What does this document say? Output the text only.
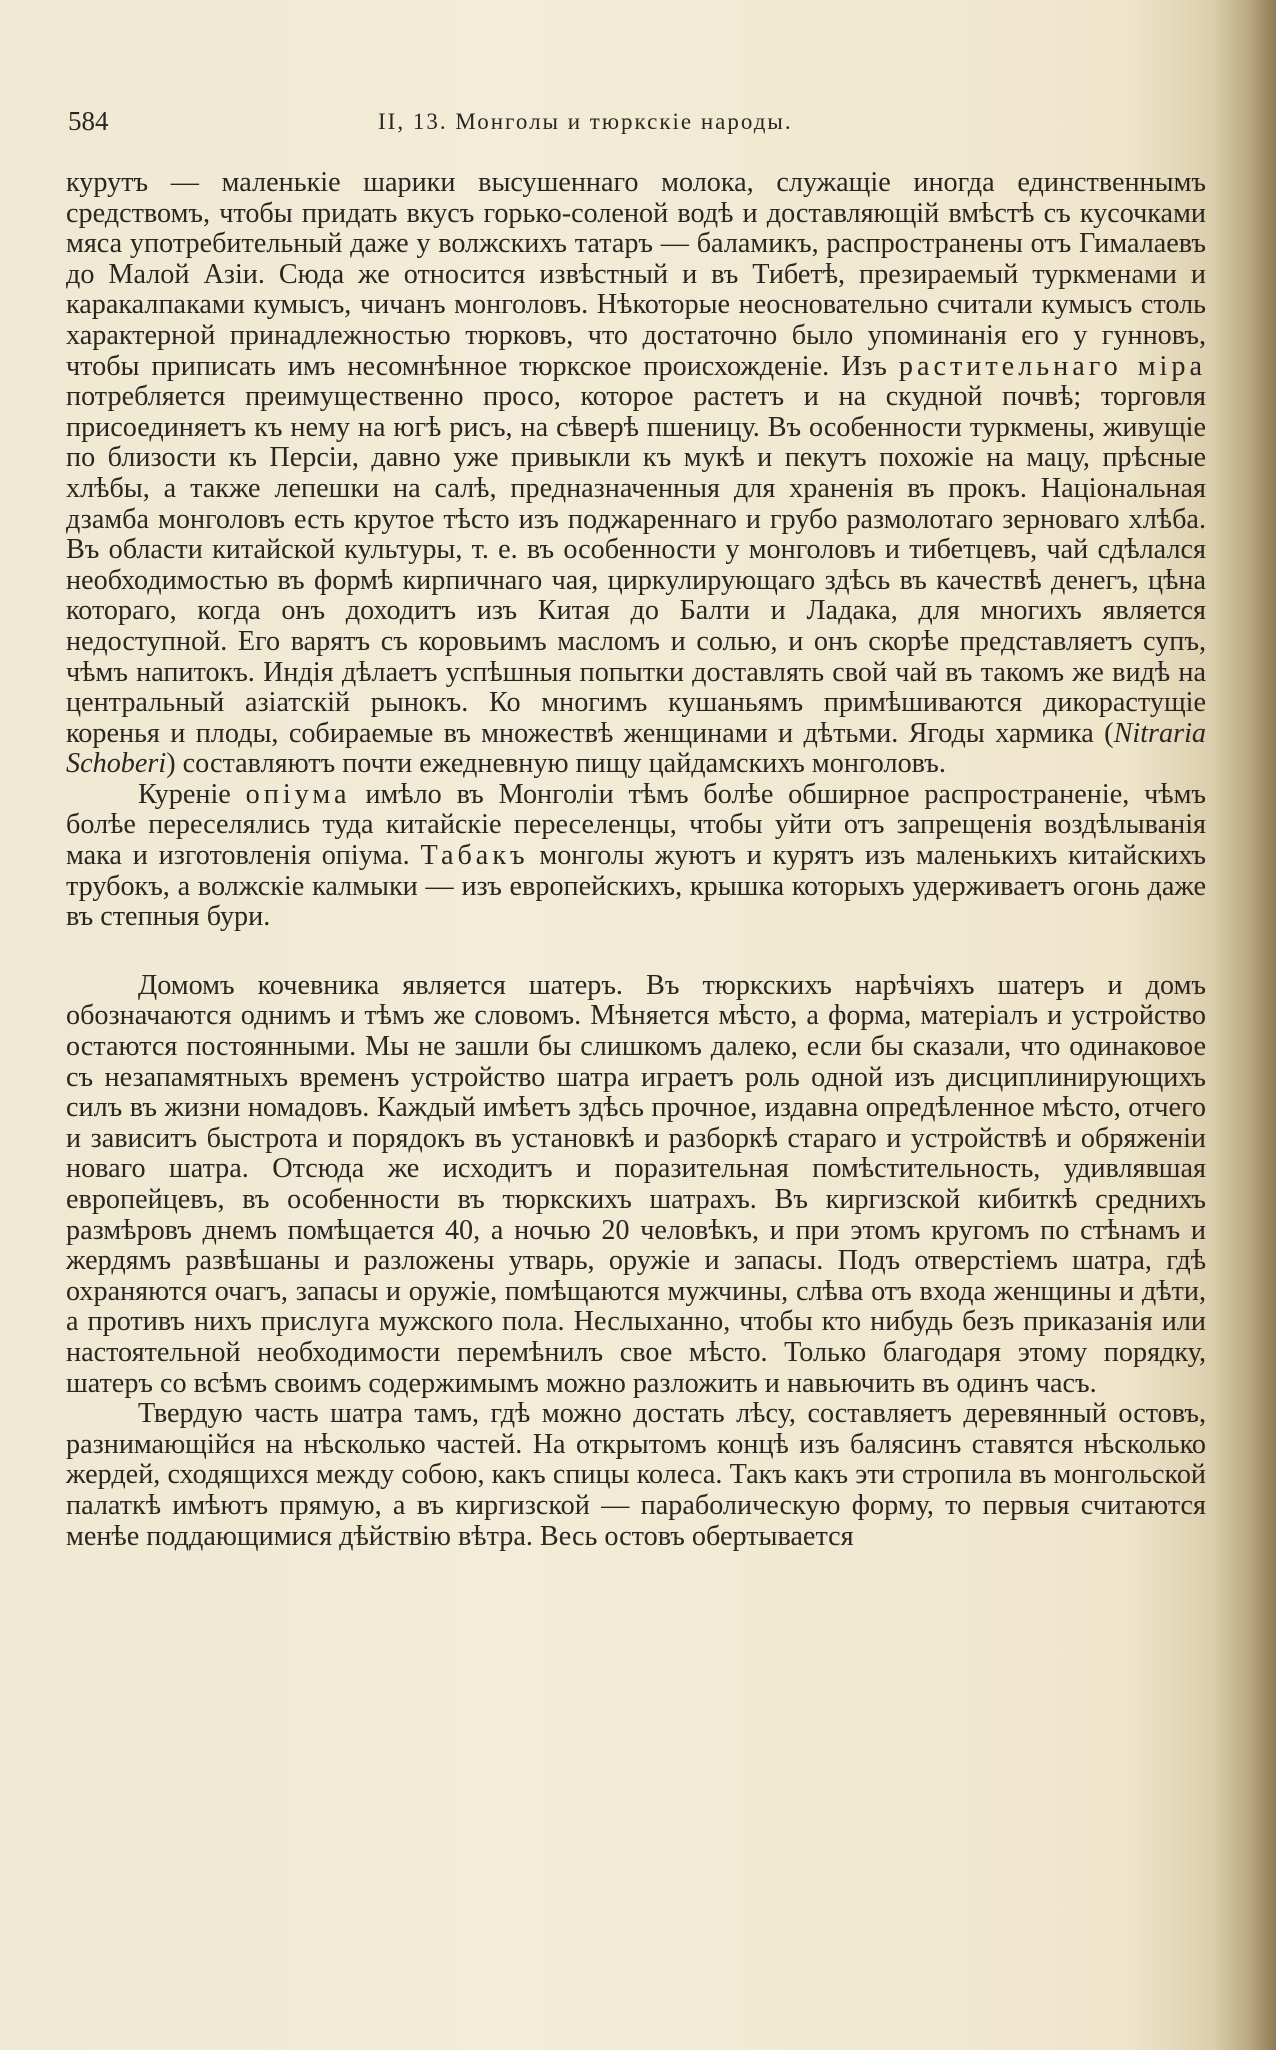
584	II, 13. Монголы и тюркскіе народы.

курутъ — маленькіе шарики высушеннаго молока, служащіе иногда единственнымъ средствомъ, чтобы придать вкусъ горько-соленой водѣ и доставляющій вмѣстѣ съ кусочками мяса употребительный даже у волжскихъ татаръ — баламикъ, распространены отъ Гималаевъ до Малой Азіи. Сюда же относится извѣстный и въ Тибетѣ, презираемый туркменами и каракалпаками кумысъ, чичанъ монголовъ. Нѣкоторые неосновательно считали кумысъ столь характерной принадлежностью тюрковъ, что достаточно было упоминанія его у гунновъ, чтобы приписать имъ несомнѣнное тюркское происхожденіе. Изъ растительнаго міра потребляется преимущественно просо, которое растетъ и на скудной почвѣ; торговля присоединяетъ къ нему на югѣ рисъ, на сѣверѣ пшеницу. Въ особенности туркмены, живущіе по близости къ Персіи, давно уже привыкли къ мукѣ и пекутъ похожіе на мацу, прѣсные хлѣбы, а также лепешки на салѣ, предназначенныя для храненія въ прокъ. Національная дзамба монголовъ есть крутое тѣсто изъ поджареннаго и грубо размолотаго зерноваго хлѣба. Въ области китайской культуры, т. е. въ особенности у монголовъ и тибетцевъ, чай сдѣлался необходимостью въ формѣ кирпичнаго чая, циркулирующаго здѣсь въ качествѣ денегъ, цѣна котораго, когда онъ доходитъ изъ Китая до Балти и Ладака, для многихъ является недоступной. Его варятъ съ коровьимъ масломъ и солью, и онъ скорѣе представляетъ супъ, чѣмъ напитокъ. Индія дѣлаетъ успѣшныя попытки доставлять свой чай въ такомъ же видѣ на центральный азіатскій рынокъ. Ко многимъ кушаньямъ примѣшиваются дикорастущіе коренья и плоды, собираемые въ множествѣ женщинами и дѣтьми. Ягоды хармика (Nitraria Schoberi) составляютъ почти ежедневную пищу цайдамскихъ монголовъ.

Куреніе опіума имѣло въ Монголіи тѣмъ болѣе обширное распространеніе, чѣмъ болѣе переселялись туда китайскіе переселенцы, чтобы уйти отъ запрещенія воздѣлыванія мака и изготовленія опіума. Табакъ монголы жуютъ и курятъ изъ маленькихъ китайскихъ трубокъ, а волжскіе калмыки — изъ европейскихъ, крышка которыхъ удерживаетъ огонь даже въ степныя бури.

Домомъ кочевника является шатеръ. Въ тюркскихъ нарѣчіяхъ шатеръ и домъ обозначаются однимъ и тѣмъ же словомъ. Мѣняется мѣсто, а форма, матеріалъ и устройство остаются постоянными. Мы не зашли бы слишкомъ далеко, если бы сказали, что одинаковое съ незапамятныхъ временъ устройство шатра играетъ роль одной изъ дисциплинирующихъ силъ въ жизни номадовъ. Каждый имѣетъ здѣсь прочное, издавна опредѣленное мѣсто, отчего и зависитъ быстрота и порядокъ въ установкѣ и разборкѣ стараго и устройствѣ и обряженіи новаго шатра. Отсюда же исходитъ и поразительная помѣстительность, удивлявшая европейцевъ, въ особенности въ тюркскихъ шатрахъ. Въ киргизской кибиткѣ среднихъ размѣровъ днемъ помѣщается 40, а ночью 20 человѣкъ, и при этомъ кругомъ по стѣнамъ и жердямъ развѣшаны и разложены утварь, оружіе и запасы. Подъ отверстіемъ шатра, гдѣ охраняются очагъ, запасы и оружіе, помѣщаются мужчины, слѣва отъ входа женщины и дѣти, а противъ нихъ прислуга мужского пола. Неслыханно, чтобы кто нибудь безъ приказанія или настоятельной необходимости перемѣнилъ свое мѣсто. Только благодаря этому порядку, шатеръ со всѣмъ своимъ содержимымъ можно разложить и навьючить въ одинъ часъ.

Твердую часть шатра тамъ, гдѣ можно достать лѣсу, составляетъ деревянный остовъ, разнимающійся на нѣсколько частей. На открытомъ концѣ изъ балясинъ ставятся нѣсколько жердей, сходящихся между собою, какъ спицы колеса. Такъ какъ эти стропила въ монгольской палаткѣ имѣютъ прямую, а въ киргизской — параболическую форму, то первыя считаются менѣе поддающимися дѣйствію вѣтра. Весь остовъ обертывается
